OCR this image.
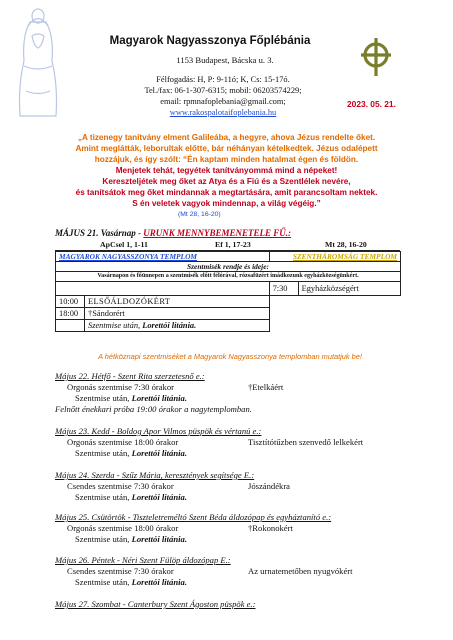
Magyarok Nagyasszonya Főplébánia
1153 Budapest, Bácska u. 3.
Félfogadás: H, P: 9-11ó; K, Cs: 15-17ó.
Tel./fax: 06-1-307-6315; mobil: 06203574229;
email: rpmnafoplebania@gmail.com;
www.rakospalotaifoplebania.hu
2023. 05. 21.
„A tizenegy tanítvány elment Galileába, a hegyre, ahova Jézus rendelte őket.
Amint meglátták, leborultak előtte, bár néhányan kételkedtek. Jézus odalépett
hozzájuk, és így szólt: “Én kaptam minden hatalmat égen és földön.
Menjetek tehát, tegyétek tanítványommá mind a népeket!
Kereszteljétek meg őket az Atya és a Fiú és a Szentlélek nevére,
és tanítsátok meg őket mindannak a megtartására, amit parancsoltam nektek.
S én veletek vagyok mindennap, a világ végéig.”
(Mt 28, 16-20)
MÁJUS 21. Vasárnap - URUNK MENNYBEMENETELE FŰ.:
ApCsel 1, 1-11	Ef 1, 17-23	Mt 28, 16-20
MAGYAROK NAGYASSZONYA TEMPLOM		SZENTHÁROMSÁG TEMPLOM	
Szentmisék rendje és ideje:			
Vasárnapon és főünnepen a szentmisék előtt félórával, rózsafüzért imádkozunk egyházközségünkért.			
		7:30	Egyházközségért
10:00	ELSŐÁLDOZÓKÉRT		
18:00	†Sándorért		
	Szentmise után, Lorettói litánia.		
A hétköznapi szentmiséket a Magyarok Nagyasszonya templomban mutatjuk be!
Május 22. Hétfő - Szent Rita szerzetesnő e.:
Orgonás szentmise 7:30 órakor	†Etelkáért
Szentmise után, Lorettói litánia.
Felnőtt énekkari próba 19:00 órakor a nagytemplomban.
Május 23. Kedd - Boldog Apor Vilmos püspök és vértanú e.:
Orgonás szentmise 18:00 órakor	Tisztítótűzben szenvedő lelkekért
Szentmise után, Lorettói litánia.
Május 24. Szerda - Szűz Mária, keresztények segítsége E.:
Csendes szentmise 7:30 órakor	Jószándékra
Szentmise után, Lorettói litánia.
Május 25. Csütörtök - Tiszteletreméltó Szent Béda áldozópap és egyháztanító e.:
Orgonás szentmise 18:00 órakor	†Rokonokért
Szentmise után, Lorettói litánia.
Május 26. Péntek - Néri Szent Fülöp áldozópap E.:
Csendes szentmise 7:30 órakor	Az urnatemetőben nyugvókért
Szentmise után, Lorettói litánia.
Május 27. Szombat - Canterbury Szent Ágoston püspök e.:
